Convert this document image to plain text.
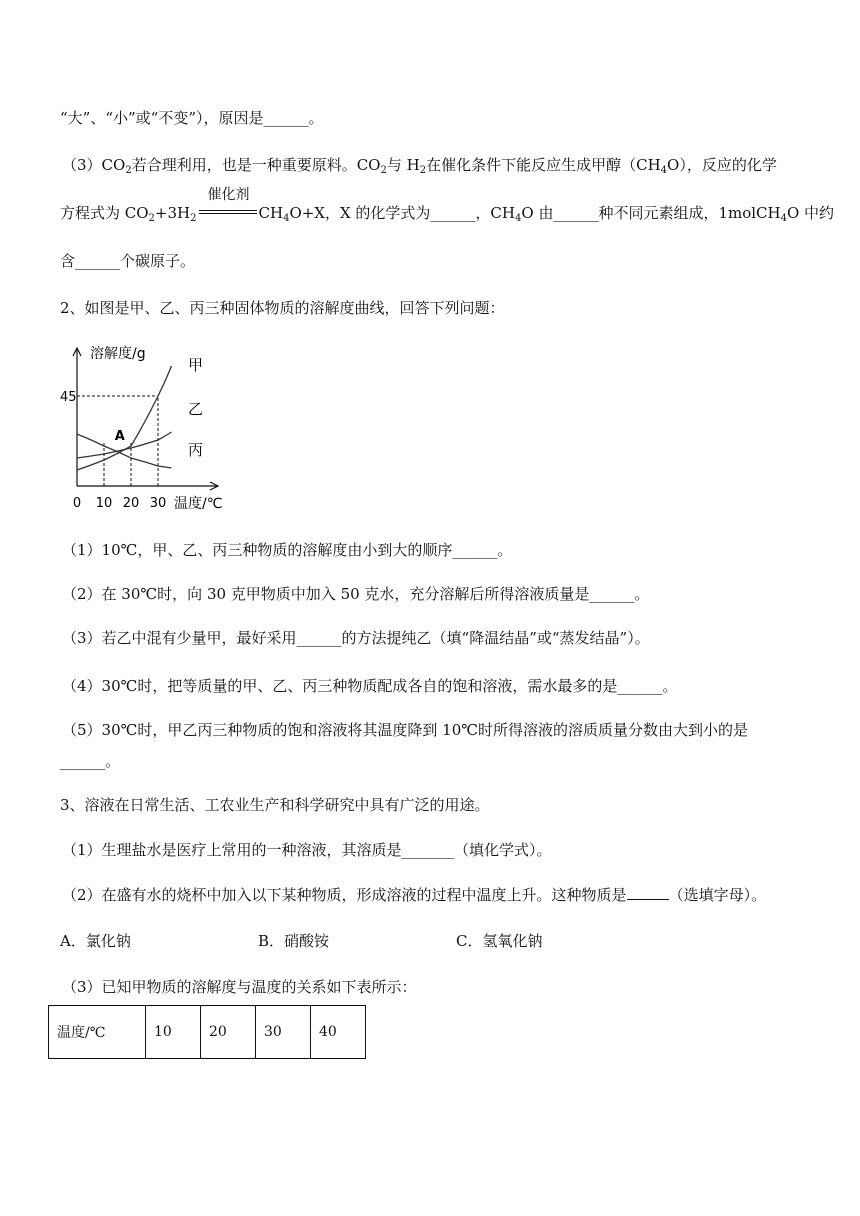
“大”、“小”或“不变”），原因是______。
$(3)CO_2$若合理利用，也是一种重要原料。$CO_2$与 $H_2$在催化条件下能反应生成甲醇$(CH_4O)$，反应的化学
方程式为 $CO_2+3H_2$
催化剂
$CH_4O+X$，X 的化学式为______，$CH_4O$ 由______种不同元素组成，1molCH$_4$O 中约
含______个碳原子。
2、如图是甲、乙、丙三种固体物质的溶解度曲线，回答下列问题：
溶解度/g
温度/℃
0 10 20 30
45
甲
乙
丙
A
（1）10℃，甲、乙、丙三种物质的溶解度由小到大的顺序______。
（2）在 30℃时，向 30 克甲物质中加入 50 克水，充分溶解后所得溶液质量是______。
（3）若乙中混有少量甲，最好采用______的方法提纯乙（填“降温结晶”或“蒸发结晶”）。
（4）30℃时，把等质量的甲、乙、丙三种物质配成各自的饱和溶液，需水最多的是______。
（5）30℃时，甲乙丙三种物质的饱和溶液将其温度降到 10℃时所得溶液的溶质质量分数由大到小的是
______。
3、溶液在日常生活、工农业生产和科学研究中具有广泛的用途。
（1）生理盐水是医疗上常用的一种溶液，其溶质是_______（填化学式）。
（2）在盛有水的烧杯中加入以下某种物质，形成溶液的过程中温度上升。这种物质是	（选填字母）。
A．氯化钠	B．硝酸铵	C．氢氧化钠
（3）已知甲物质的溶解度与温度的关系如下表所示：
温度/℃	10	20	30	40
